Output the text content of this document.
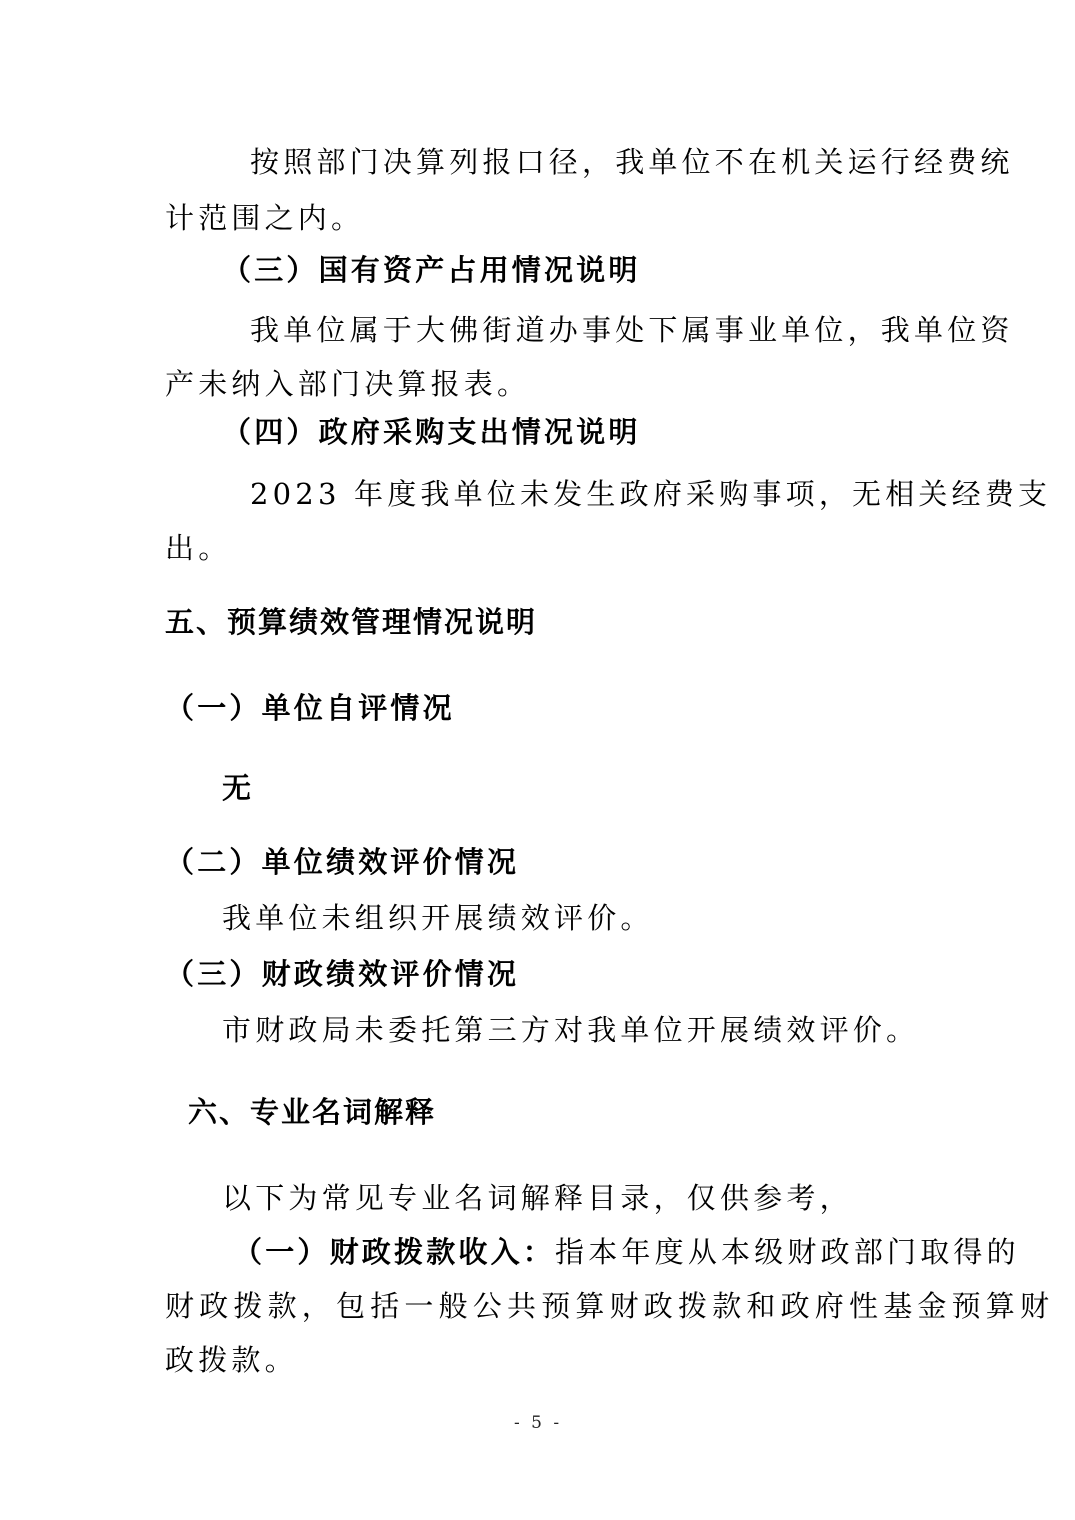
按照部门决算列报口径，我单位不在机关运行经费统
计范围之内。
（三）国有资产占用情况说明
我单位属于大佛街道办事处下属事业单位，我单位资
产未纳入部门决算报表。
（四）政府采购支出情况说明
2023 年度我单位未发生政府采购事项，无相关经费支
出。
五、预算绩效管理情况说明
（一）单位自评情况
无
（二）单位绩效评价情况
我单位未组织开展绩效评价。
（三）财政绩效评价情况
市财政局未委托第三方对我单位开展绩效评价。
六、专业名词解释
以下为常见专业名词解释目录，仅供参考，
（一）财政拨款收入：指本年度从本级财政部门取得的
财政拨款，包括一般公共预算财政拨款和政府性基金预算财
政拨款。
- 5 -
